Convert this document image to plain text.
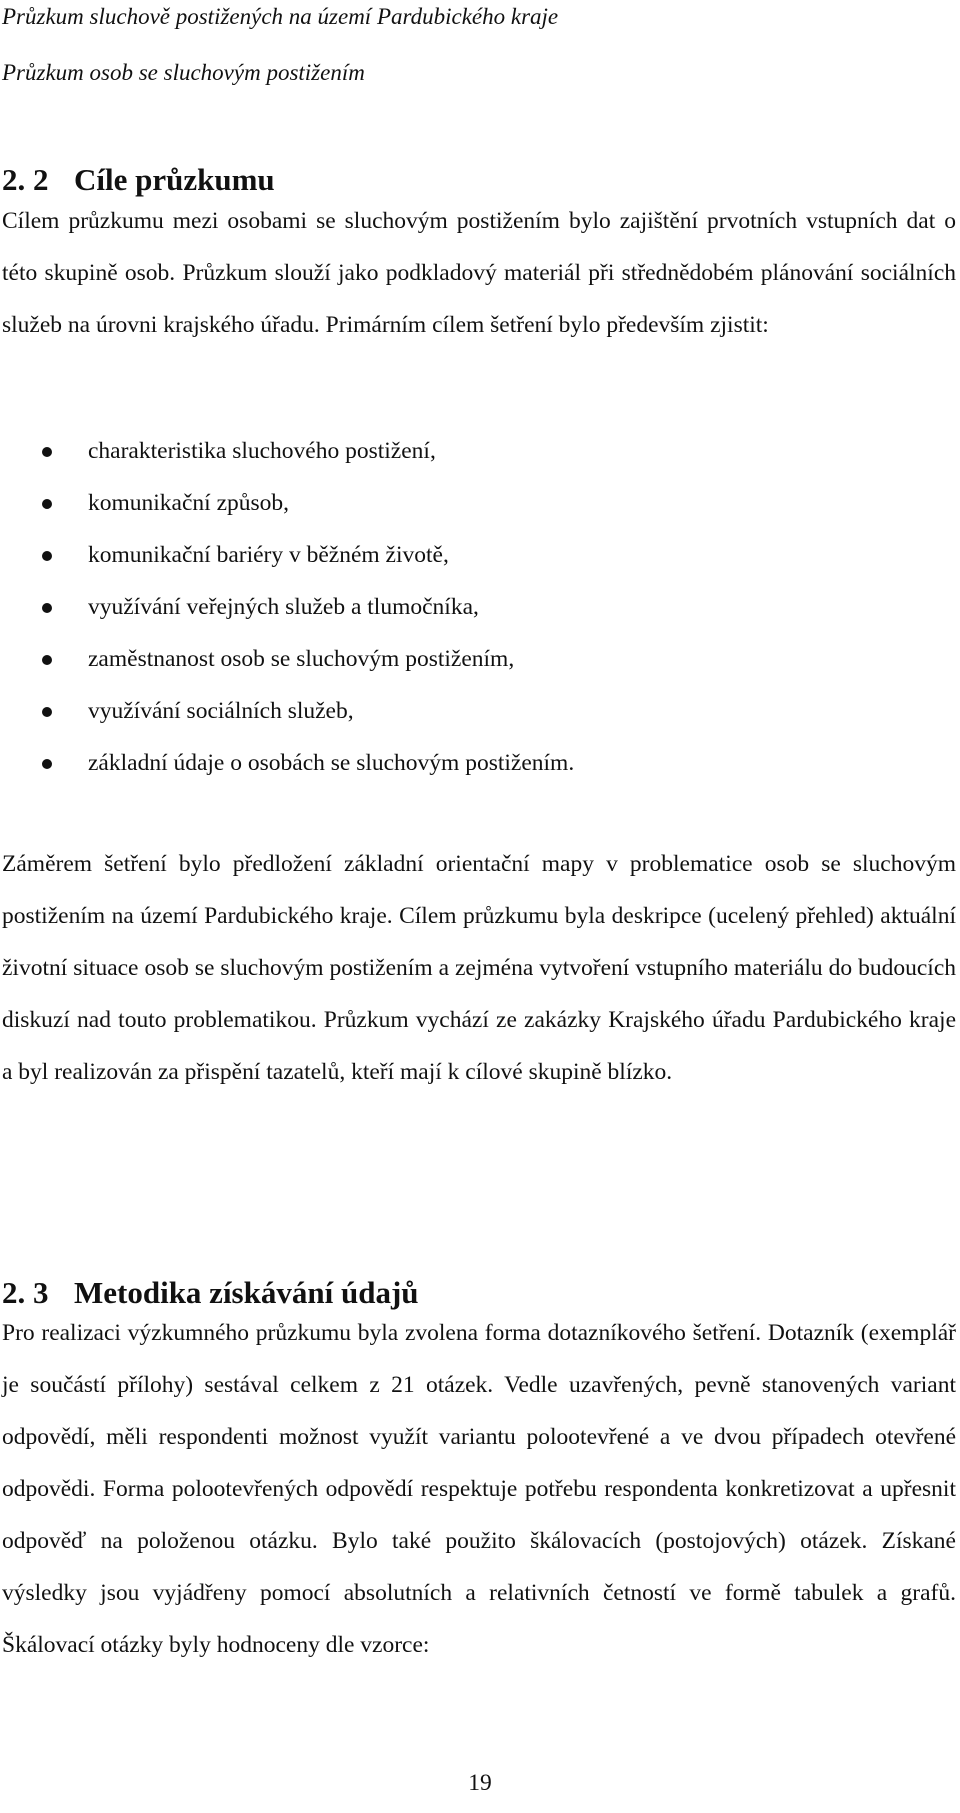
Průzkum sluchově postižených na území Pardubického kraje
Průzkum osob se sluchovým postižením
2. 2 Cíle průzkumu

Cílem průzkumu mezi osobami se sluchovým postižením bylo zajištění prvotních vstupních dat o této skupině osob. Průzkum slouží jako podkladový materiál při střednědobém plánování sociálních služeb na úrovni krajského úřadu. Primárním cílem šetření bylo především zjistit:

charakteristika sluchového postižení,
komunikační způsob,
komunikační bariéry v běžném životě,
využívání veřejných služeb a tlumočníka,
zaměstnanost osob se sluchovým postižením,
využívání sociálních služeb,
základní údaje o osobách se sluchovým postižením.

Záměrem šetření bylo předložení základní orientační mapy v problematice osob se sluchovým postižením na území Pardubického kraje. Cílem průzkumu byla deskripce (ucelený přehled) aktuální životní situace osob se sluchovým postižením a zejména vytvoření vstupního materiálu do budoucích diskuzí nad touto problematikou. Průzkum vychází ze zakázky Krajského úřadu Pardubického kraje a byl realizován za přispění tazatelů, kteří mají k cílové skupině blízko.

2. 3 Metodika získávání údajů

Pro realizaci výzkumného průzkumu byla zvolena forma dotazníkového šetření. Dotazník (exemplář je součástí přílohy) sestával celkem z 21 otázek. Vedle uzavřených, pevně stanovených variant odpovědí, měli respondenti možnost využít variantu polootevřené a ve dvou případech otevřené odpovědi. Forma polootevřených odpovědí respektuje potřebu respondenta konkretizovat a upřesnit odpověď na položenou otázku. Bylo také použito škálovacích (postojových) otázek. Získané výsledky jsou vyjádřeny pomocí absolutních a relativních četností ve formě tabulek a grafů. Škálovací otázky byly hodnoceny dle vzorce:

19
